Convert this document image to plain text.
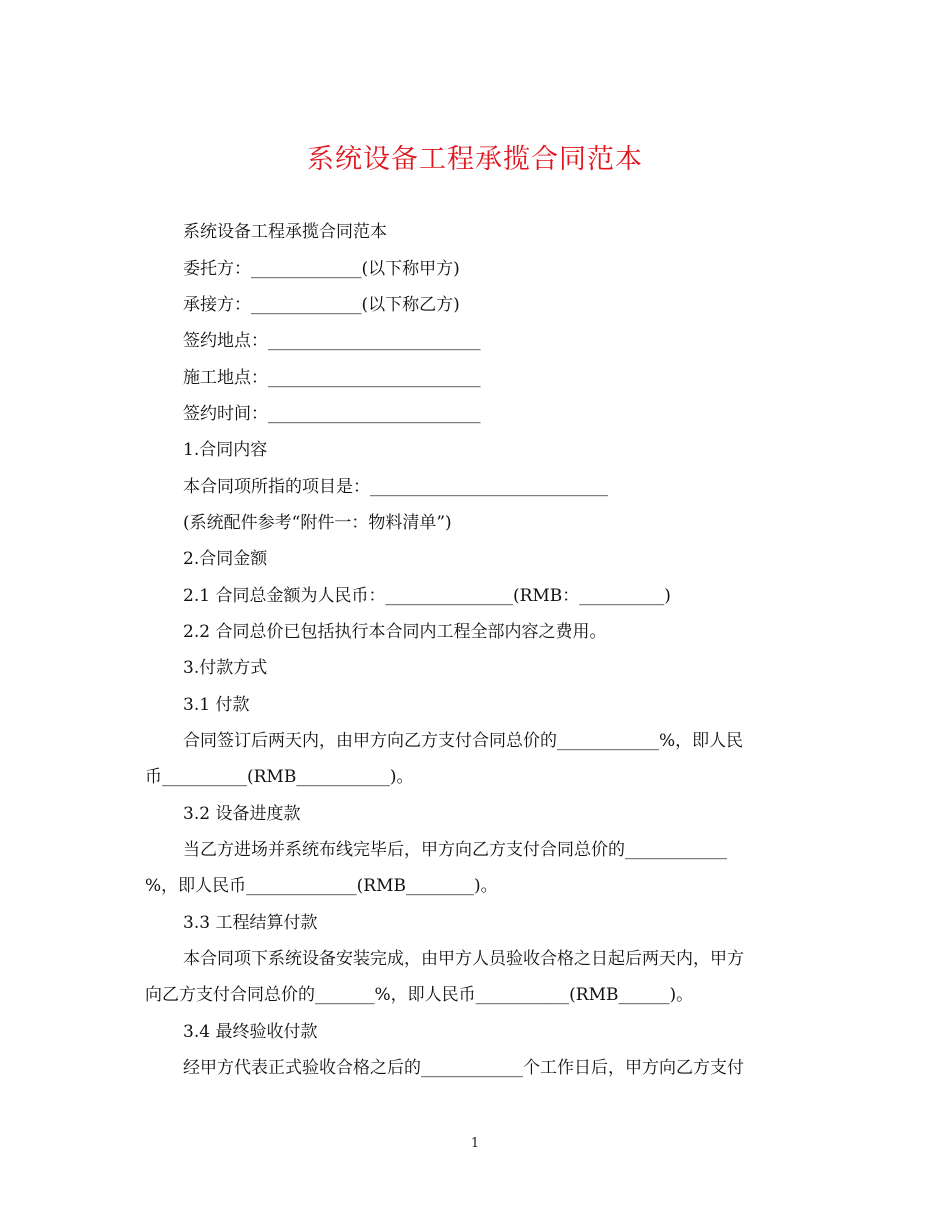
系统设备工程承揽合同范本
系统设备工程承揽合同范本
委托方：_____________(以下称甲方)
承接方：_____________(以下称乙方)
签约地点：_________________________
施工地点：_________________________
签约时间：_________________________
1.合同内容
本合同项所指的项目是：____________________________
(系统配件参考“附件一：物料清单”)
2.合同金额
2.1 合同总金额为人民币：_______________(RMB：__________)
2.2 合同总价已包括执行本合同内工程全部内容之费用。
3.付款方式
3.1 付款
合同签订后两天内，由甲方向乙方支付合同总价的____________%，即人民
币__________(RMB___________)。
3.2 设备进度款
当乙方进场并系统布线完毕后，甲方向乙方支付合同总价的____________
%，即人民币_____________(RMB________)。
3.3 工程结算付款
本合同项下系统设备安装完成，由甲方人员验收合格之日起后两天内，甲方
向乙方支付合同总价的_______%，即人民币___________(RMB______)。
3.4 最终验收付款
经甲方代表正式验收合格之后的____________个工作日后，甲方向乙方支付
1
